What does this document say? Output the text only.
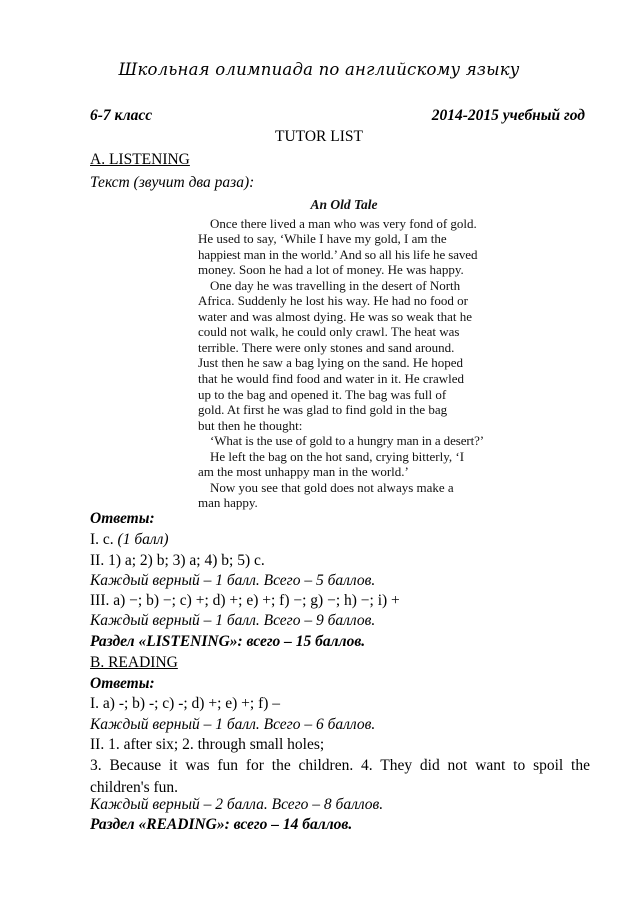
Школьная олимпиада по английскому языку
6-7 класс	2014-2015 учебный год
TUTOR LIST
A. LISTENING
Текст (звучит два раза):
An Old Tale

Once there lived a man who was very fond of gold.

He used to say, ‘While I have my gold, I am the

happiest man in the world.’ And so all his life he saved

money. Soon he had a lot of money. He was happy.

One day he was travelling in the desert of North

Africa. Suddenly he lost his way. He had no food or

water and was almost dying. He was so weak that he

could not walk, he could only crawl. The heat was

terrible. There were only stones and sand around.

Just then he saw a bag lying on the sand. He hoped

that he would find food and water in it. He crawled

up to the bag and opened it. The bag was full of

gold. At first he was glad to find gold in the bag

but then he thought:

‘What is the use of gold to a hungry man in a desert?’

He left the bag on the hot sand, crying bitterly, ‘I

am the most unhappy man in the world.’

Now you see that gold does not always make a

man happy.

Ответы:
I. c. (1 балл)
II. 1) a; 2) b; 3) a; 4) b; 5) c.
Каждый верный – 1 балл. Всего – 5 баллов.
III. a) −; b) −; c) +; d) +; e) +; f) −; g) −; h) −; i) +
Каждый верный – 1 балл. Всего – 9 баллов.
Раздел «LISTENING»: всего – 15 баллов.
B. READING
Ответы:
I. a) -; b) -; c) -; d) +; e) +; f) –
Каждый верный – 1 балл. Всего – 6 баллов.
II. 1. after six; 2. through small holes;
3. Because it was fun for the children. 4. They did not want to spoil the children's fun.
Каждый верный – 2 балла. Всего – 8 баллов.
Раздел «READING»: всего – 14 баллов.
